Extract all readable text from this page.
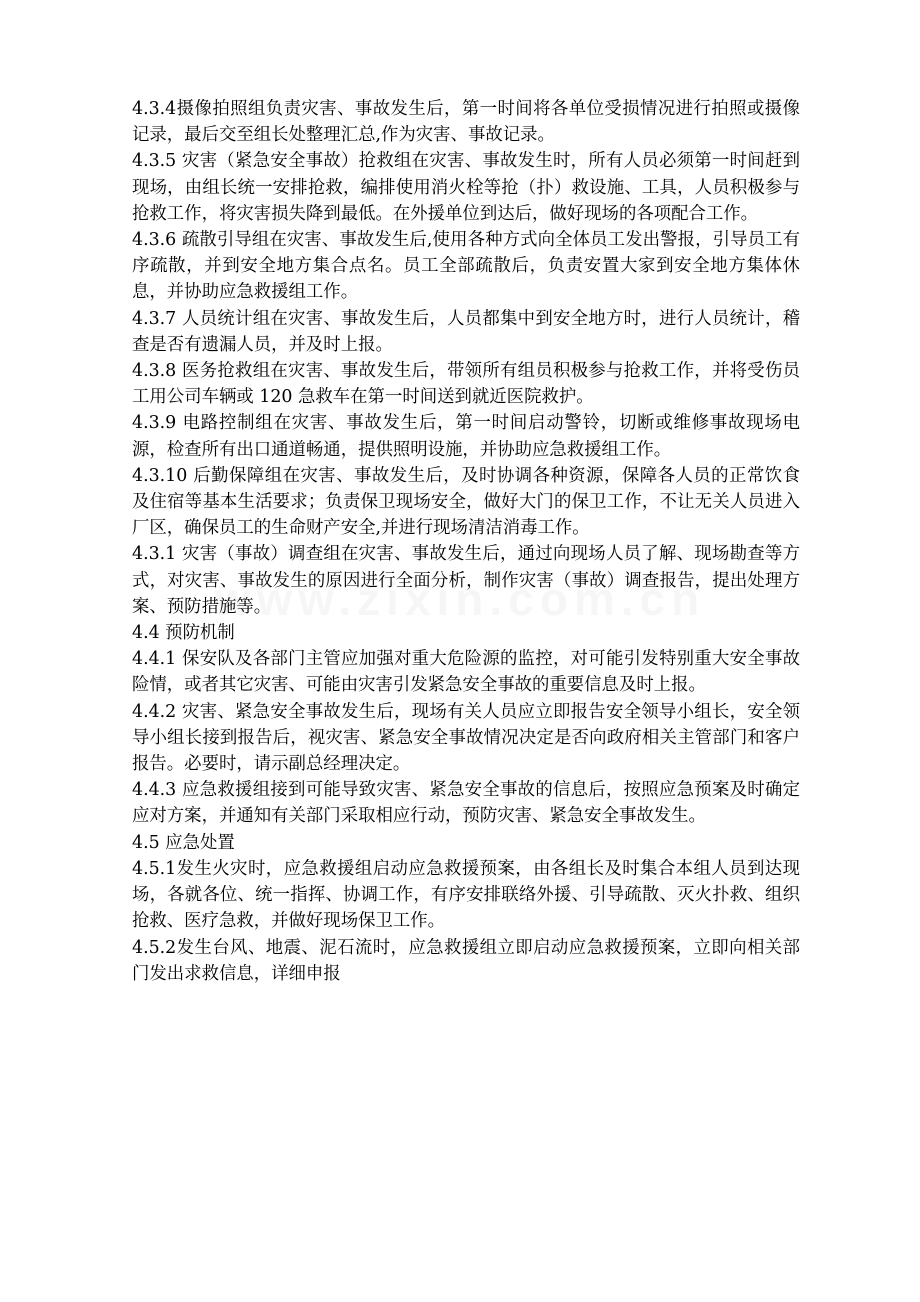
4.3.4摄像拍照组负责灾害、事故发生后，第一时间将各单位受损情况进行拍照或摄像记录，最后交至组长处整理汇总,作为灾害、事故记录。

4.3.5 灾害（紧急安全事故）抢救组在灾害、事故发生时，所有人员必须第一时间赶到现场，由组长统一安排抢救，编排使用消火栓等抢（扑）救设施、工具，人员积极参与抢救工作，将灾害损失降到最低。在外援单位到达后，做好现场的各项配合工作。

4.3.6 疏散引导组在灾害、事故发生后,使用各种方式向全体员工发出警报，引导员工有序疏散，并到安全地方集合点名。员工全部疏散后，负责安置大家到安全地方集体休息，并协助应急救援组工作。

4.3.7 人员统计组在灾害、事故发生后，人员都集中到安全地方时，进行人员统计，稽查是否有遗漏人员，并及时上报。

4.3.8 医务抢救组在灾害、事故发生后，带领所有组员积极参与抢救工作，并将受伤员工用公司车辆或 120 急救车在第一时间送到就近医院救护。

4.3.9 电路控制组在灾害、事故发生后，第一时间启动警铃，切断或维修事故现场电源，检查所有出口通道畅通，提供照明设施，并协助应急救援组工作。

4.3.10 后勤保障组在灾害、事故发生后，及时协调各种资源，保障各人员的正常饮食及住宿等基本生活要求；负责保卫现场安全，做好大门的保卫工作，不让无关人员进入厂区，确保员工的生命财产安全,并进行现场清洁消毒工作。

4.3.1 灾害（事故）调查组在灾害、事故发生后，通过向现场人员了解、现场勘查等方式，对灾害、事故发生的原因进行全面分析，制作灾害（事故）调查报告，提出处理方案、预防措施等。

4.4 预防机制

4.4.1 保安队及各部门主管应加强对重大危险源的监控，对可能引发特别重大安全事故险情，或者其它灾害、可能由灾害引发紧急安全事故的重要信息及时上报。

4.4.2 灾害、紧急安全事故发生后，现场有关人员应立即报告安全领导小组长，安全领导小组长接到报告后，视灾害、紧急安全事故情况决定是否向政府相关主管部门和客户报告。必要时，请示副总经理决定。

4.4.3 应急救援组接到可能导致灾害、紧急安全事故的信息后，按照应急预案及时确定应对方案，并通知有关部门采取相应行动，预防灾害、紧急安全事故发生。

4.5 应急处置

4.5.1发生火灾时，应急救援组启动应急救援预案，由各组长及时集合本组人员到达现场，各就各位、统一指挥、协调工作，有序安排联络外援、引导疏散、灭火扑救、组织抢救、医疗急救，并做好现场保卫工作。

4.5.2发生台风、地震、泥石流时，应急救援组立即启动应急救援预案，立即向相关部门发出求救信息，详细申报
